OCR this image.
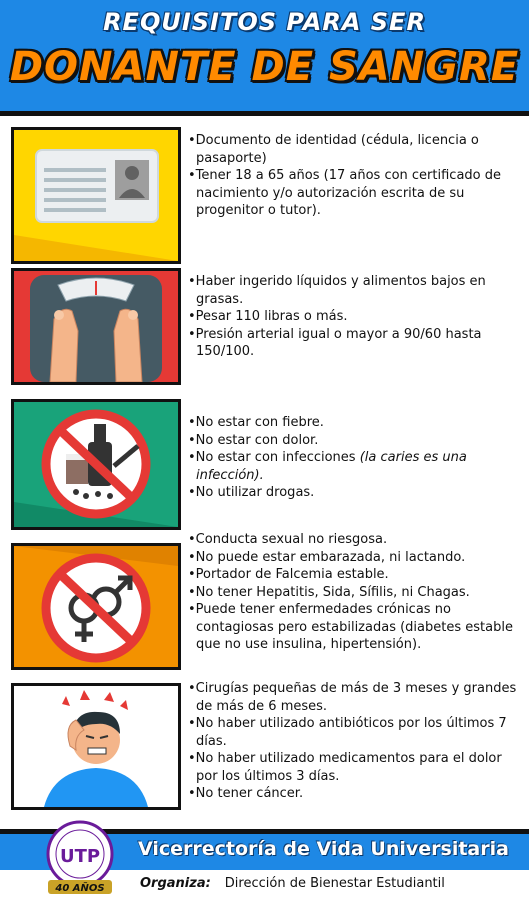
REQUISITOS PARA SER
DONANTE DE SANGRE
• Documento de identidad (cédula, licencia o pasaporte)
• Tener 18 a 65 años (17 años con certificado de nacimiento y/o autorización escrita de su progenitor o tutor).
• Haber ingerido líquidos y alimentos bajos en grasas.
• Pesar 110 libras o más.
• Presión arterial igual o mayor a 90/60 hasta 150/100.
• No estar con fiebre.
• No estar con dolor.
• No estar con infecciones (la caries es una infección).
• No utilizar drogas.
• Conducta sexual no riesgosa.
• No puede estar embarazada, ni lactando.
• Portador de Falcemia estable.
• No tener Hepatitis, Sida, Sífilis, ni Chagas.
• Puede tener enfermedades crónicas no contagiosas pero estabilizadas (diabetes estable que no use insulina, hipertensión).
• Cirugías pequeñas de más de 3 meses y grandes de más de 6 meses.
• No haber utilizado antibióticos por los últimos 7 días.
• No haber utilizado medicamentos para el dolor por los últimos 3 días.
• No tener cáncer.
Vicerrectoría de Vida Universitaria
Organiza: Dirección de Bienestar Estudiantil
UTP
40 AÑOS
